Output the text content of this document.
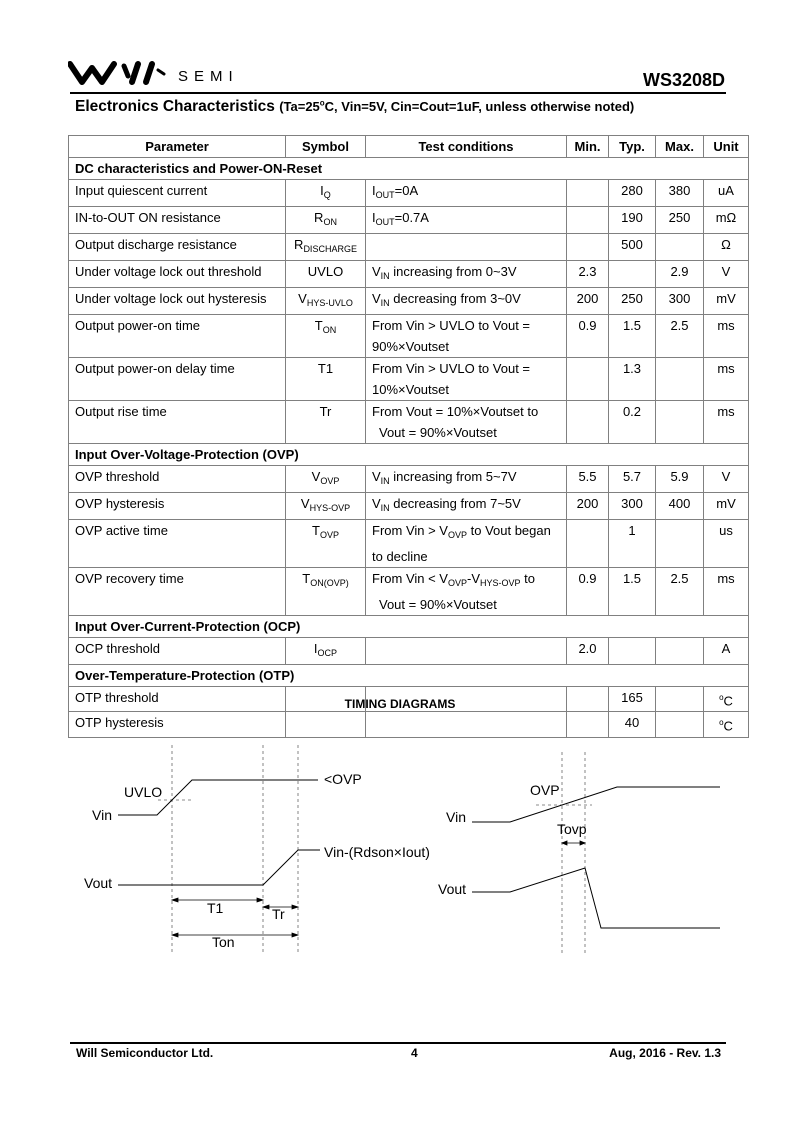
SEMI	WS3208D
Electronics Characteristics ($Ta=25^oC$, Vin=5V, Cin=Cout=1uF, unless otherwise noted)
Parameter	Symbol	Test conditions	Min.	Typ.	Max.	Unit
DC characteristics and Power-ON-Reset						
Input quiescent current	$I_Q$	$I_{OUT}=0A$		280	380	uA
IN-to-OUT ON resistance	$R_{ON}$	$I_{OUT}=0.7A$		190	250	mΩ
Output discharge resistance	$R_{DISCHARGE}$			500		Ω
Under voltage lock out threshold	UVLO	$V_{IN}$ increasing from 0~3V	2.3		2.9	V
Under voltage lock out hysteresis	$V_{HYS-UVLO}$	$V_{IN}$ decreasing from 3~0V	200	250	300	mV
Output power-on time	$T_{ON}$	From Vin > UVLO to Vout =
90%×Voutset	0.9	1.5	2.5	ms
Output power-on delay time	T1	From Vin > UVLO to Vout =
10%×Voutset		1.3		ms
Output rise time	Tr	From Vout = 10%×Voutset to
Vout = 90%×Voutset		0.2		ms
Input Over-Voltage-Protection (OVP)						
OVP threshold	$V_{OVP}$	$V_{IN}$ increasing from 5~7V	5.5	5.7	5.9	V
OVP hysteresis	$V_{HYS-OVP}$	$V_{IN}$ decreasing from 7~5V	200	300	400	mV
OVP active time	$T_{OVP}$	From Vin > $V_{OVP}$ to Vout began
to decline		1		us
OVP recovery time	$T_{ON(OVP)}$	From Vin < $V_{OVP}-V_{HYS-OVP}$ to
Vout = 90%×Voutset	0.9	1.5	2.5	ms
Input Over-Current-Protection (OCP)						
OCP threshold	$I_{OCP}$		2.0			A
Over-Temperature-Protection (OTP)						
OTP threshold				165		$^o$C
OTP hysteresis				40		$^o$C
TIMING DIAGRAMS
UVLO
Vin
<OVP
Vout
Vin-(Rdson×Iout)
T1	Tr
Ton
OVP
Vin
Tovp
Vout
Will Semiconductor Ltd.	4	Aug, 2016 - Rev. 1.3
